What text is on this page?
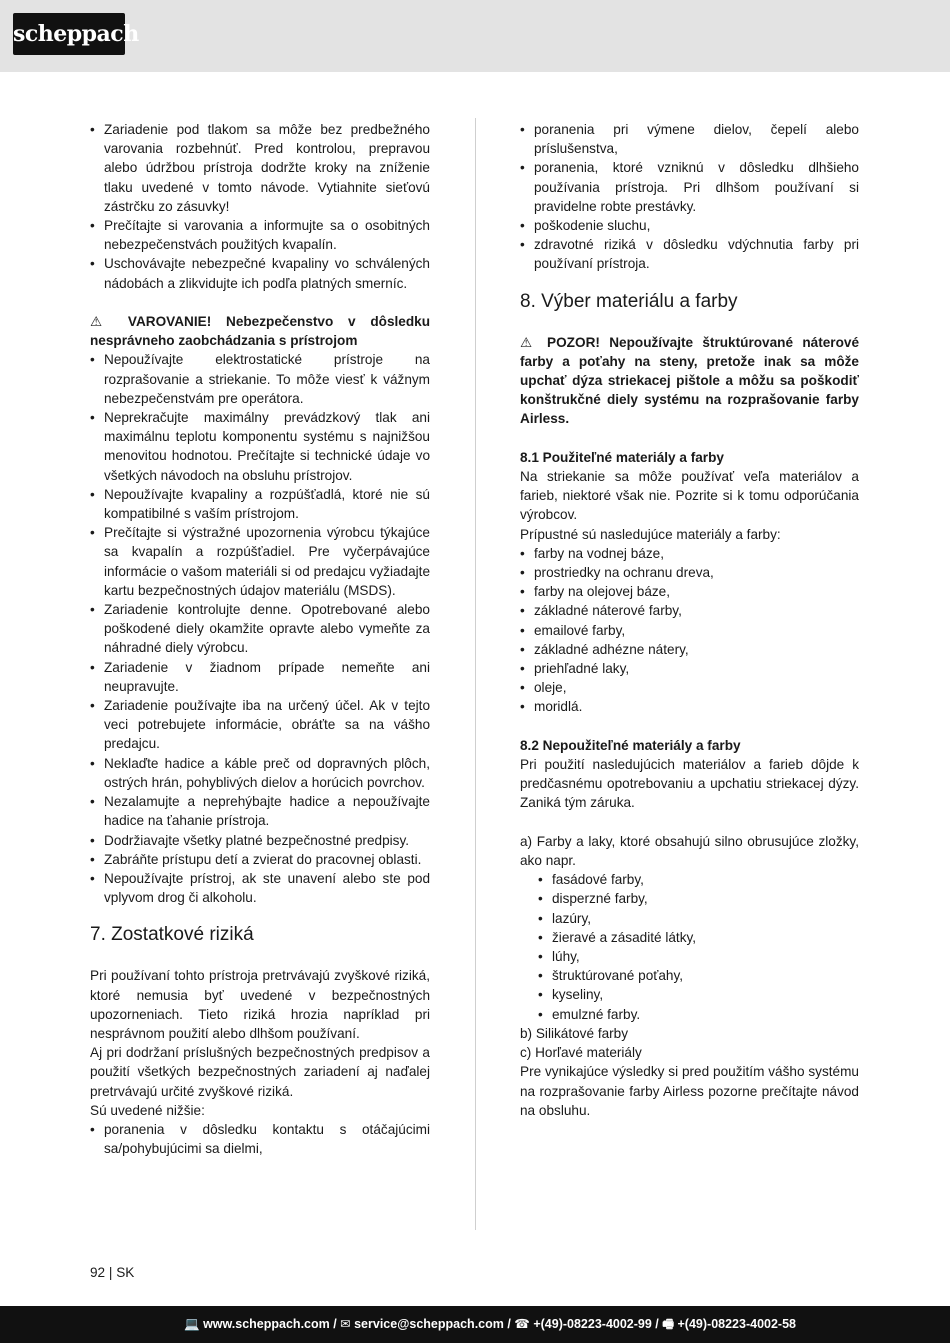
scheppach
• Zariadenie pod tlakom sa môže bez predbežného varovania rozbehnúť. Pred kontrolou, prepravou alebo údržbou prístroja dodržte kroky na zníženie tlaku uvedené v tomto návode. Vytiahnite sieťovú zástrčku zo zásuvky!
• Prečítajte si varovania a informujte sa o osobitných nebezpečenstvách použitých kvapalín.
• Uschovávajte nebezpečné kvapaliny vo schválených nádobách a zlikvidujte ich podľa platných smerníc.

⚠ VAROVANIE! Nebezpečenstvo v dôsledku nesprávneho zaobchádzania s prístrojom

• Nepoužívajte elektrostatické prístroje na rozprašovanie a striekanie. To môže viesť k vážnym nebezpečenstvám pre operátora.
• Neprekračujte maximálny prevádzkový tlak ani maximálnu teplotu komponentu systému s najnižšou menovitou hodnotou. Prečítajte si technické údaje vo všetkých návodoch na obsluhu prístrojov.
• Nepoužívajte kvapaliny a rozpúšťadlá, ktoré nie sú kompatibilné s vaším prístrojom.
• Prečítajte si výstražné upozornenia výrobcu týkajúce sa kvapalín a rozpúšťadiel. Pre vyčerpávajúce informácie o vašom materiáli si od predajcu vyžiadajte kartu bezpečnostných údajov materiálu (MSDS).
• Zariadenie kontrolujte denne. Opotrebované alebo poškodené diely okamžite opravte alebo vymeňte za náhradné diely výrobcu.
• Zariadenie v žiadnom prípade nemeňte ani neupravujte.
• Zariadenie používajte iba na určený účel. Ak v tejto veci potrebujete informácie, obráťte sa na vášho predajcu.
• Neklaďte hadice a káble preč od dopravných plôch, ostrých hrán, pohyblivých dielov a horúcich povrchov.
• Nezalamujte a neprehýbajte hadice a nepoužívajte hadice na ťahanie prístroja.
• Dodržiavajte všetky platné bezpečnostné predpisy.
• Zabráňte prístupu detí a zvierat do pracovnej oblasti.
• Nepoužívajte prístroj, ak ste unavení alebo ste pod vplyvom drog či alkoholu.

7. Zostatkové riziká

Pri používaní tohto prístroja pretrvávajú zvyškové riziká, ktoré nemusia byť uvedené v bezpečnostných upozorneniach. Tieto riziká hrozia napríklad pri nesprávnom použití alebo dlhšom používaní.

Aj pri dodržaní príslušných bezpečnostných predpisov a použití všetkých bezpečnostných zariadení aj naďalej pretrvávajú určité zvyškové riziká.

Sú uvedené nižšie:

• poranenia v dôsledku kontaktu s otáčajúcimi sa/pohybujúcimi sa dielmi,
• poranenia pri výmene dielov, čepelí alebo príslušenstva,
• poranenia, ktoré vzniknú v dôsledku dlhšieho používania prístroja. Pri dlhšom používaní si pravidelne robte prestávky.
• poškodenie sluchu,
• zdravotné riziká v dôsledku vdýchnutia farby pri používaní prístroja.

8. Výber materiálu a farby

⚠ POZOR! Nepoužívajte štruktúrované náterové farby a poťahy na steny, pretože inak sa môže upchať dýza striekacej pištole a môžu sa poškodiť konštrukčné diely systému na rozprašovanie farby Airless.

8.1 Použiteľné materiály a farby

Na striekanie sa môže používať veľa materiálov a farieb, niektoré však nie. Pozrite si k tomu odporúčania výrobcov.

Prípustné sú nasledujúce materiály a farby:

• farby na vodnej báze,
• prostriedky na ochranu dreva,
• farby na olejovej báze,
• základné náterové farby,
• emailové farby,
• základné adhézne nátery,
• priehľadné laky,
• oleje,
• moridlá.

8.2 Nepoužiteľné materiály a farby

Pri použití nasledujúcich materiálov a farieb dôjde k predčasnému opotrebovaniu a upchatiu striekacej dýzy. Zaniká tým záruka.

a) Farby a laky, ktoré obsahujú silno obrusujúce zložky, ako napr.

• fasádové farby,
• disperzné farby,
• lazúry,
• žieravé a zásadité látky,
• lúhy,
• štruktúrované poťahy,
• kyseliny,
• emulzné farby.

b) Silikátové farby

c) Horľavé materiály

Pre vynikajúce výsledky si pred použitím vášho systému na rozprašovanie farby Airless pozorne prečítajte návod na obsluhu.

92 | SK
💻 www.scheppach.com / ✉ service@scheppach.com / ☎ +(49)-08223-4002-99 / 🖷 +(49)-08223-4002-58
